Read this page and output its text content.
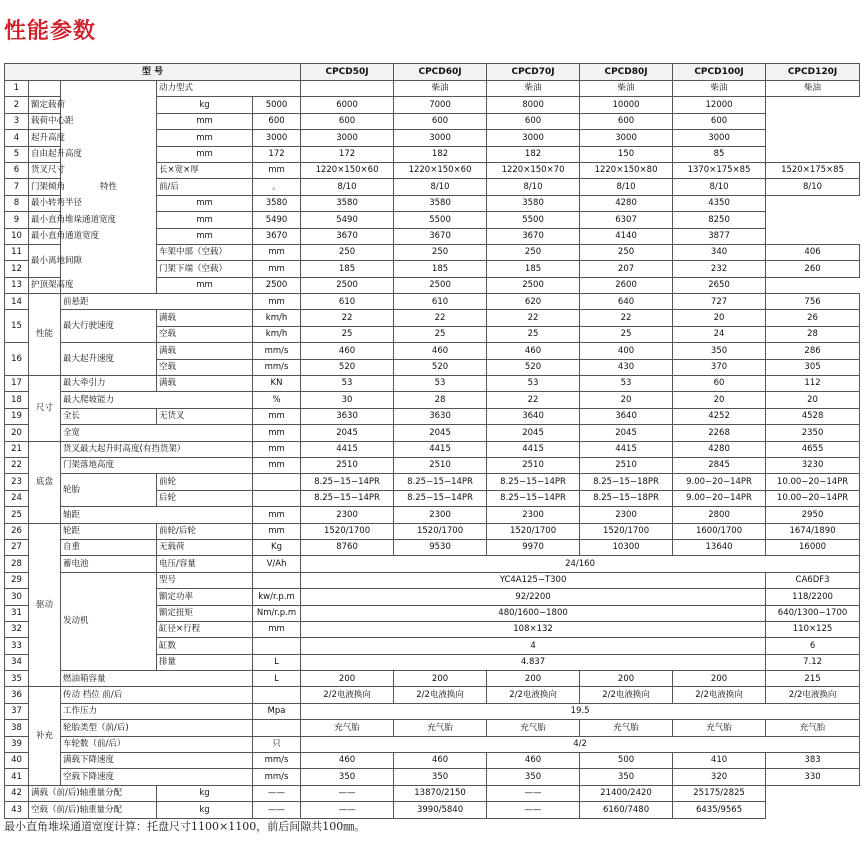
性能参数
型 号					CPCD50J	CPCD60J	CPCD70J	CPCD80J	CPCD100J	CPCD120J	
1		特性	动力型式			柴油	柴油	柴油	柴油	柴油	
2	额定载荷		kg	5000	6000	7000	8000	10000	12000		
3	载荷中心距		mm	600	600	600	600	600	600		
4	起升高度		mm	3000	3000	3000	3000	3000	3000		
5	自由起升高度		mm	172	172	182	182	150	85		
6	货叉尺寸		长×宽×厚	mm	1220×150×60	1220×150×60	1220×150×70	1220×150×80	1370×175×85	1520×175×85	
7	门架倾角		前/后	。	8/10	8/10	8/10	8/10	8/10	8/10	
8	最小转弯半径		mm	3580	3580	3580	3580	4280	4350		
9	最小直角堆垛通道宽度		mm	5490	5490	5500	5500	6307	8250		
10	最小直角通道宽度		mm	3670	3670	3670	3670	4140	3877		
11	最小离地间隙		车架中部（空载）	mm	250	250	250	250	340	406	
12			门架下端（空载）	mm	185	185	185	207	232	260	
13	护顶架高度		mm	2500	2500	2500	2500	2600	2650		
14	性能	前悬距		mm	610	610	620	640	727	756	
15		最大行驶速度	满载	km/h	22	22	22	22	20	26	
			空载	km/h	25	25	25	25	24	28	
16		最大起升速度	满载	mm/s	460	460	460	400	350	286	
			空载	mm/s	520	520	520	430	370	305	
17	尺寸	最大牵引力	满载	KN	53	53	53	53	60	112	
18		最大爬坡能力		%	30	28	22	20	20	20	
19		全长	无货叉	mm	3630	3630	3640	3640	4252	4528	
20		全宽		mm	2045	2045	2045	2045	2268	2350	
21	底盘	货叉最大起升时高度(有挡货架）		mm	4415	4415	4415	4415	4280	4655	
22		门架落地高度		mm	2510	2510	2510	2510	2845	3230	
23		轮胎	前轮		8.25−15−14PR	8.25−15−14PR	8.25−15−14PR	8.25−15−18PR	9.00−20−14PR	10.00−20−14PR	
24			后轮		8.25−15−14PR	8.25−15−14PR	8.25−15−14PR	8.25−15−18PR	9.00−20−14PR	10.00−20−14PR	
25		轴距		mm	2300	2300	2300	2300	2800	2950	
26	驱动	轮距	前轮/后轮	mm	1520/1700	1520/1700	1520/1700	1520/1700	1600/1700	1674/1890	
27		自重	无载荷	Kg	8760	9530	9970	10300	13640	16000	
28		蓄电池	电压/容量	V/Ah	24/160						
29		发动机	型号		YC4A125−T300					CA6DF3	
30			额定功率	kw/r.p.m	92/2200					118/2200	
31			额定扭矩	Nm/r.p.m	480/1600−1800					640/1300−1700	
32			缸径×行程	mm	108×132					110×125	
33			缸数		4					6	
34			排量	L	4.837					7.12	
35		燃油箱容量		L	200	200	200	200	200	215	
36	补充	传动 档位 前/后			2/2电液换向	2/2电液换向	2/2电液换向	2/2电液换向	2/2电液换向	2/2电液换向	
37		工作压力		Mpa	19.5						
38		轮胎类型（前/后)			充气胎	充气胎	充气胎	充气胎	充气胎	充气胎	
39		车轮数（前/后）		只	4/2						
40		满载下降速度		mm/s	460	460	460	500	410	383	
41		空载下降速度		mm/s	350	350	350	350	320	330	
42	满载（前/后)轴重量分配		kg	——	——	13870/2150	——	21400/2420	25175/2825		
43	空载（前/后)轴重量分配		kg	——	——	3990/5840	——	6160/7480	6435/9565		
最小直角堆垛通道宽度计算：托盘尺寸1100×1100，前后间隙共100㎜。
